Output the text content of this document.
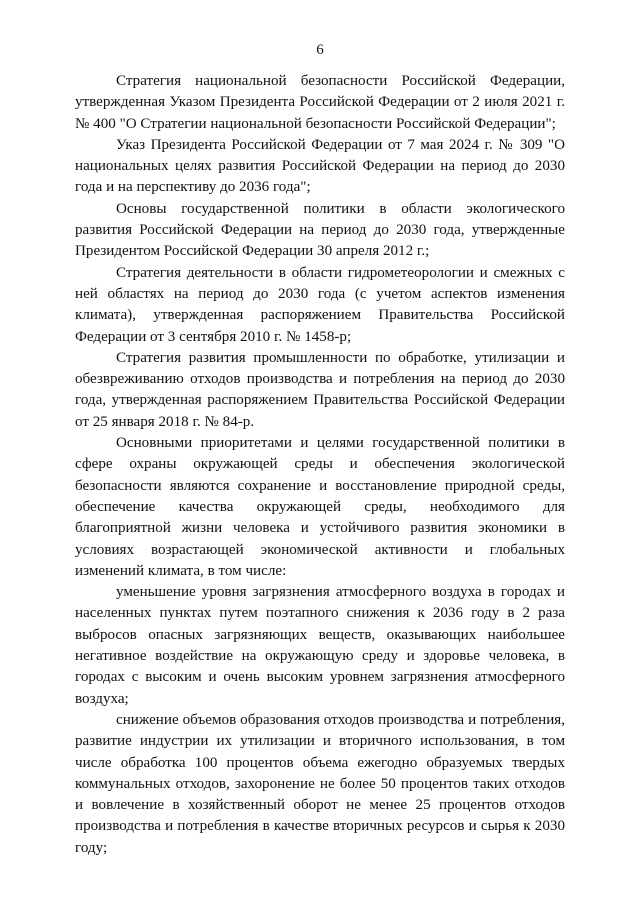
6

Стратегия национальной безопасности Российской Федерации, утвержденная Указом Президента Российской Федерации от 2 июля 2021 г. № 400 "О Стратегии национальной безопасности Российской Федерации";

Указ Президента Российской Федерации от 7 мая 2024 г. № 309 "О национальных целях развития Российской Федерации на период до 2030 года и на перспективу до 2036 года";

Основы государственной политики в области экологического развития Российской Федерации на период до 2030 года, утвержденные Президентом Российской Федерации 30 апреля 2012 г.;

Стратегия деятельности в области гидрометеорологии и смежных с ней областях на период до 2030 года (с учетом аспектов изменения климата), утвержденная распоряжением Правительства Российской Федерации от 3 сентября 2010 г. № 1458-р;

Стратегия развития промышленности по обработке, утилизации и обезвреживанию отходов производства и потребления на период до 2030 года, утвержденная распоряжением Правительства Российской Федерации от 25 января 2018 г. № 84-р.

Основными приоритетами и целями государственной политики в сфере охраны окружающей среды и обеспечения экологической безопасности являются сохранение и восстановление природной среды, обеспечение качества окружающей среды, необходимого для благоприятной жизни человека и устойчивого развития экономики в условиях возрастающей экономической активности и глобальных изменений климата, в том числе:

уменьшение уровня загрязнения атмосферного воздуха в городах и населенных пунктах путем поэтапного снижения к 2036 году в 2 раза выбросов опасных загрязняющих веществ, оказывающих наибольшее негативное воздействие на окружающую среду и здоровье человека, в городах с высоким и очень высоким уровнем загрязнения атмосферного воздуха;

снижение объемов образования отходов производства и потребления, развитие индустрии их утилизации и вторичного использования, в том числе обработка 100 процентов объема ежегодно образуемых твердых коммунальных отходов, захоронение не более 50 процентов таких отходов и вовлечение в хозяйственный оборот не менее 25 процентов отходов производства и потребления в качестве вторичных ресурсов и сырья к 2030 году;
